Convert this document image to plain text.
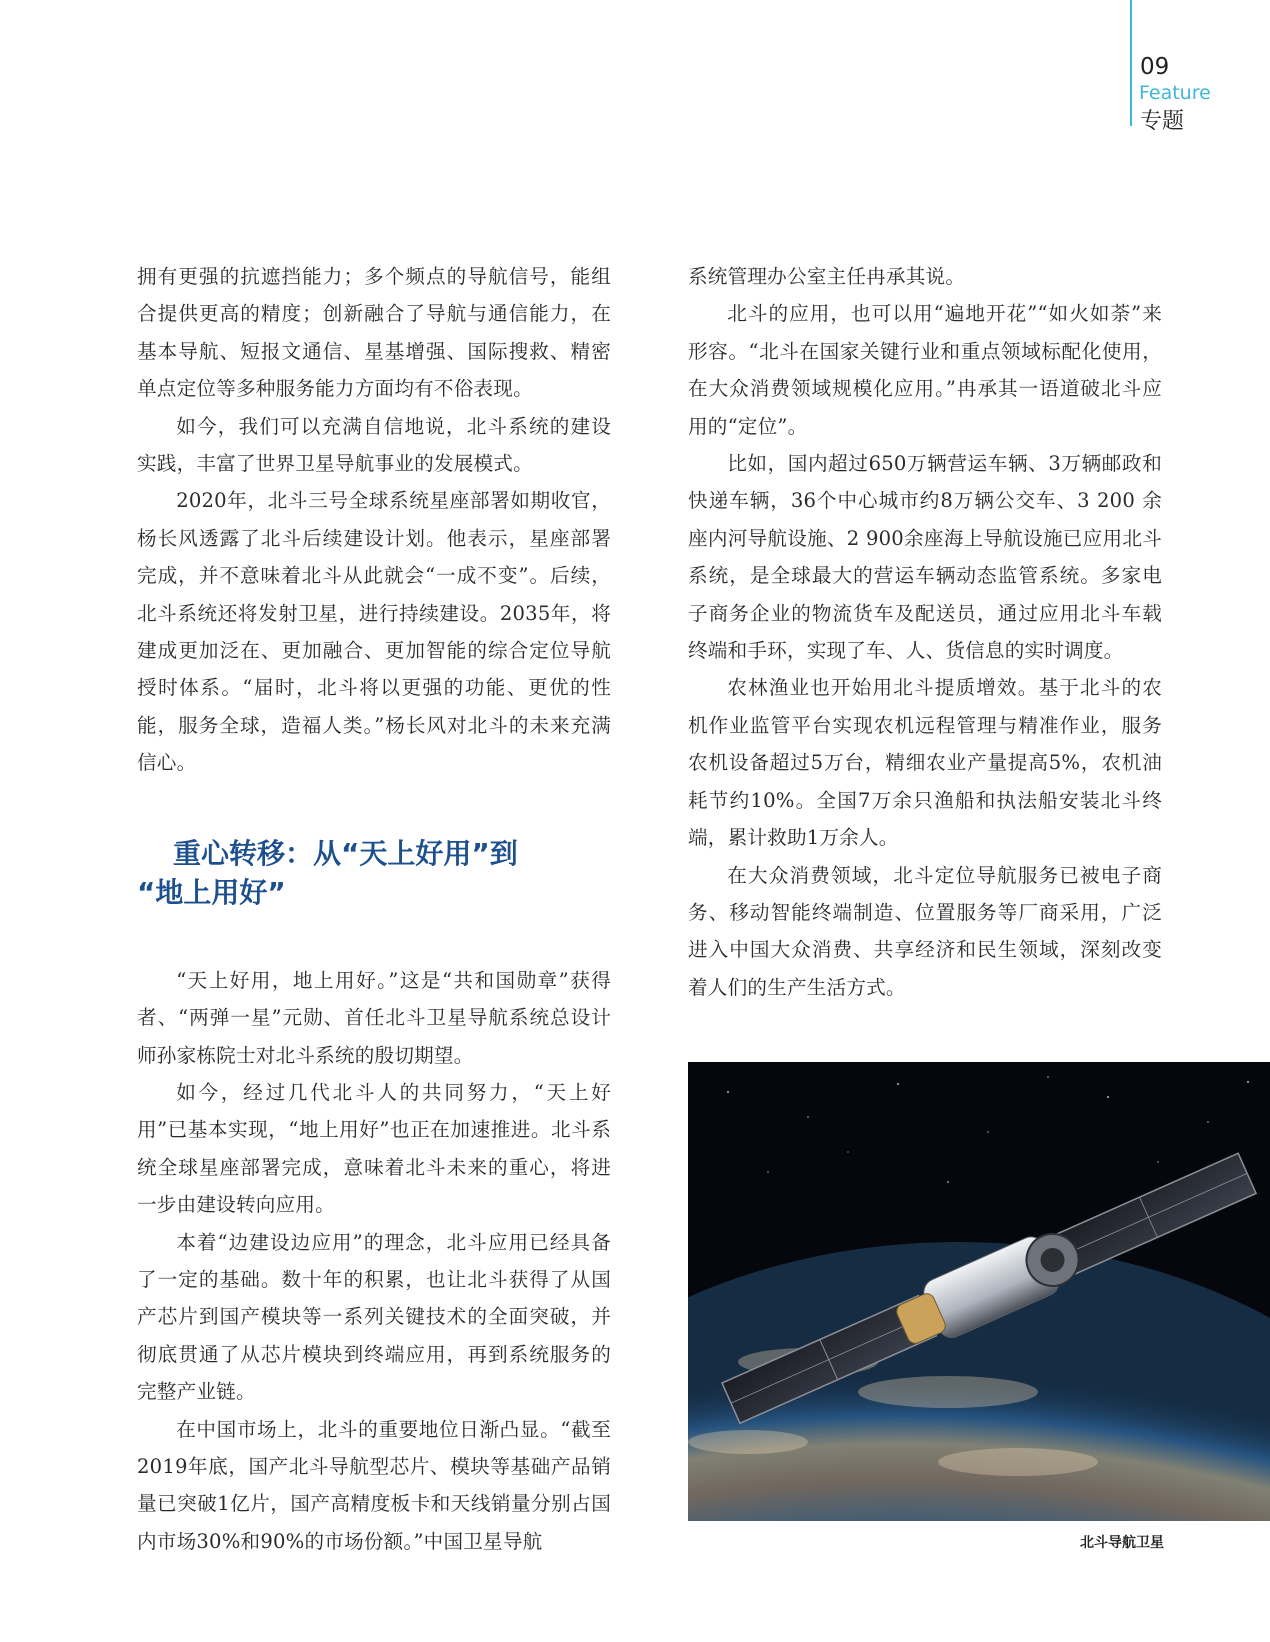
09
Feature
专题

拥有更强的抗遮挡能力；多个频点的导航信号，能组合提供更高的精度；创新融合了导航与通信能力，在基本导航、短报文通信、星基增强、国际搜救、精密单点定位等多种服务能力方面均有不俗表现。

如今，我们可以充满自信地说，北斗系统的建设实践，丰富了世界卫星导航事业的发展模式。

2020年，北斗三号全球系统星座部署如期收官，杨长风透露了北斗后续建设计划。他表示，星座部署完成，并不意味着北斗从此就会“一成不变”。后续，北斗系统还将发射卫星，进行持续建设。2035年，将建成更加泛在、更加融合、更加智能的综合定位导航授时体系。“届时，北斗将以更强的功能、更优的性能，服务全球，造福人类。”杨长风对北斗的未来充满信心。

重心转移：从“天上好用”到
“地上用好”

“天上好用，地上用好。”这是“共和国勋章”获得者、“两弹一星”元勋、首任北斗卫星导航系统总设计师孙家栋院士对北斗系统的殷切期望。

如今，经过几代北斗人的共同努力，“天上好用”已基本实现，“地上用好”也正在加速推进。北斗系统全球星座部署完成，意味着北斗未来的重心，将进一步由建设转向应用。

本着“边建设边应用”的理念，北斗应用已经具备了一定的基础。数十年的积累，也让北斗获得了从国产芯片到国产模块等一系列关键技术的全面突破，并彻底贯通了从芯片模块到终端应用，再到系统服务的完整产业链。

在中国市场上，北斗的重要地位日渐凸显。“截至2019年底，国产北斗导航型芯片、模块等基础产品销量已突破1亿片，国产高精度板卡和天线销量分别占国内市场30%和90%的市场份额。”中国卫星导航

系统管理办公室主任冉承其说。

北斗的应用，也可以用“遍地开花”“如火如荼”来形容。“北斗在国家关键行业和重点领域标配化使用，在大众消费领域规模化应用。”冉承其一语道破北斗应用的“定位”。

比如，国内超过650万辆营运车辆、3万辆邮政和快递车辆，36个中心城市约8万辆公交车、3 200 余座内河导航设施、2 900余座海上导航设施已应用北斗系统，是全球最大的营运车辆动态监管系统。多家电子商务企业的物流货车及配送员，通过应用北斗车载终端和手环，实现了车、人、货信息的实时调度。

农林渔业也开始用北斗提质增效。基于北斗的农机作业监管平台实现农机远程管理与精准作业，服务农机设备超过5万台，精细农业产量提高5%，农机油耗节约10%。全国7万余只渔船和执法船安装北斗终端，累计救助1万余人。

在大众消费领域，北斗定位导航服务已被电子商务、移动智能终端制造、位置服务等厂商采用，广泛进入中国大众消费、共享经济和民生领域，深刻改变着人们的生产生活方式。

北斗导航卫星
